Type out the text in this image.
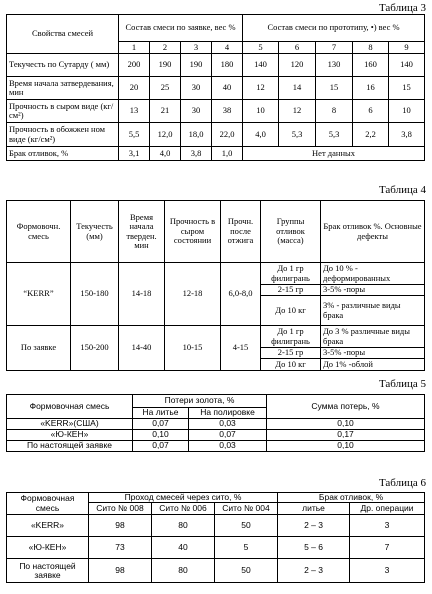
Таблица 3
Свойства смесей	Состав смеси по заявке, вес %				Состав смеси по прототипу, •) вес %				
	1	2	3	4	5	6	7	8	9
Текучесть по Сутарду ( мм)	200	190	190	180	140	120	130	160	140
Время начала затвердевания, мин	20	25	30	40	12	14	15	16	15
Прочность в сыром виде (кг/см²)	13	21	30	38	10	12	8	6	10
Прочность в обожжен ном виде (кг/см²)	5,5	12,0	18,0	22,0	4,0	5,3	5,3	2,2	3,8
Брак отливок, %	3,1	4,0	3,8	1,0	Нет данных				
Таблица 4
Формовочн. смесь	Текучесть (мм)	Время начала тверден. мин	Прочность в сыром состоянии	Прочн. после отжига	Группы отливок (масса)	Брак отливок %. Основные дефекты
“KERR”	150-180	14-18	12-18	6,0-8,0	До 1 гр филигрань	До 10 % - деформированных
					2-15 гр	3-5% -поры
					До 10 кг	3% - различные виды брака
По заявке	150-200	14-40	10-15	4-15	До 1 гр филигрань	До 3 % различные виды брака
					2-15 гр	3-5% -поры
					До 10 кг	До 1% -облой
Таблица 5
Формовочная смесь	Потери золота, %		Сумма потерь, %
	На литье	На полировке	
«KERR»(США)	0,07	0,03	0,10
«Ю-КЕН»	0,10	0,07	0,17
По настоящей заявке	0,07	0,03	0,10
Таблица 6
Формовочная смесь	Проход смесей через сито, %			Брак отливок, %	
	Сито № 008	Сито № 006	Сито № 004	литье	Др. операции
«KERR»	98	80	50	2 – 3	3
«Ю-КЕН»	73	40	5	5 – 6	7
По настоящей заявке	98	80	50	2 – 3	3
